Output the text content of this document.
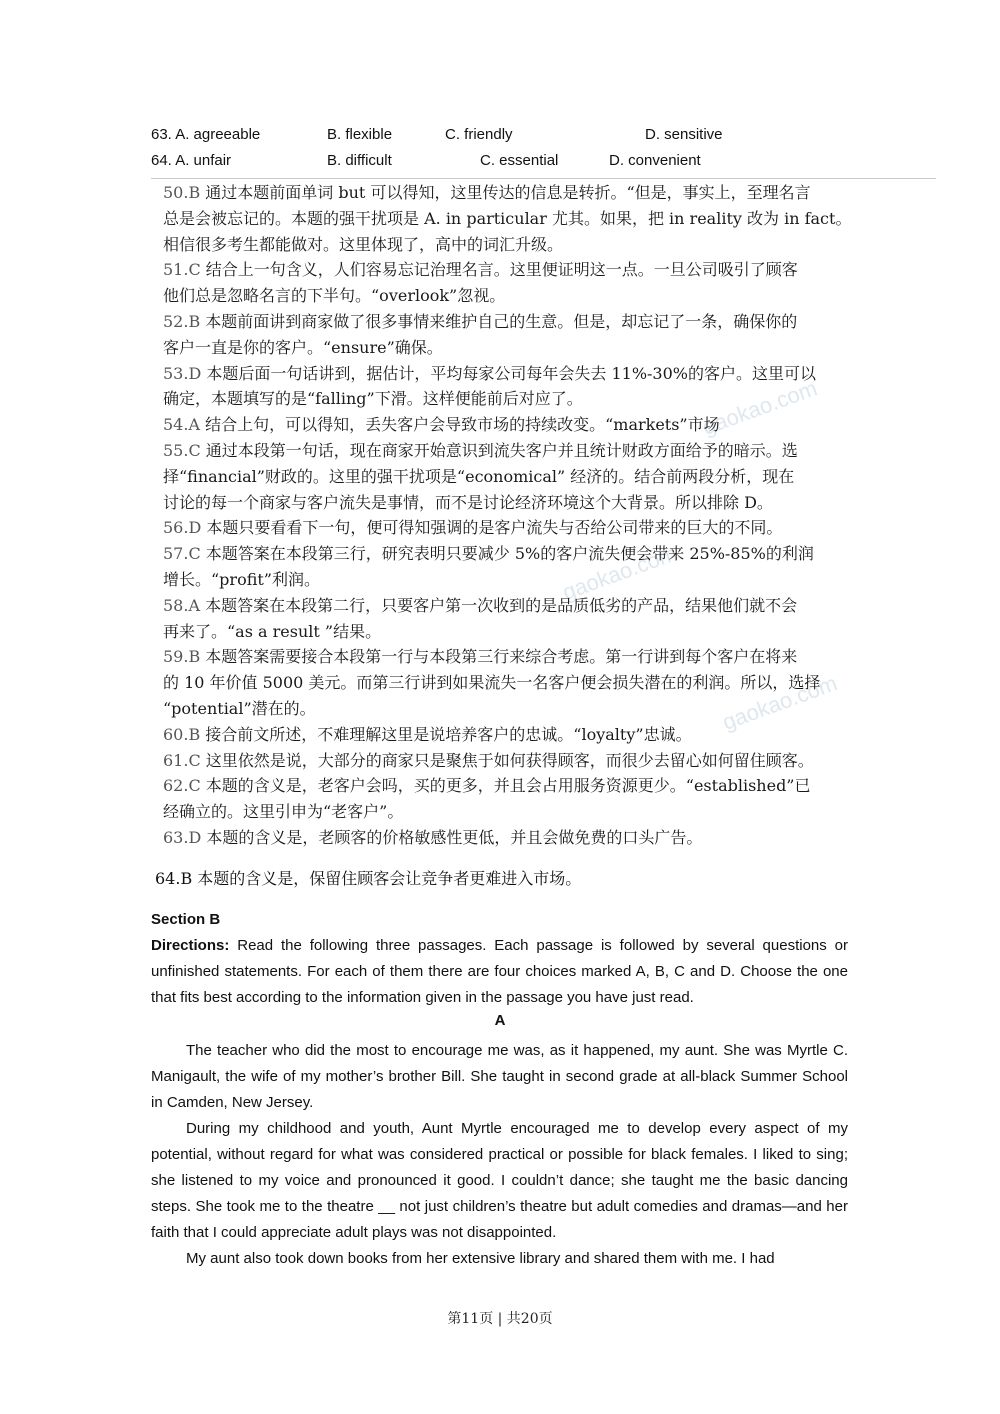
63. A. agreeable	B. flexible	C. friendly	D. sensitive
64. A. unfair	B. difficult	C. essential	D. convenient
gaokao.com
gaokao.com
gaokao.com

50.B 通过本题前面单词 but 可以得知，这里传达的信息是转折。“但是，事实上，至理名言

总是会被忘记的。本题的强干扰项是 A. in particular 尤其。如果，把 in reality 改为 in fact。

相信很多考生都能做对。这里体现了，高中的词汇升级。

51.C 结合上一句含义，人们容易忘记治理名言。这里便证明这一点。一旦公司吸引了顾客

他们总是忽略名言的下半句。“overlook”忽视。

52.B 本题前面讲到商家做了很多事情来维护自己的生意。但是，却忘记了一条，确保你的

客户一直是你的客户。“ensure”确保。

53.D 本题后面一句话讲到，据估计，平均每家公司每年会失去 11%-30%的客户。这里可以

确定，本题填写的是“falling”下滑。这样便能前后对应了。

54.A 结合上句，可以得知，丢失客户会导致市场的持续改变。“markets”市场

55.C 通过本段第一句话，现在商家开始意识到流失客户并且统计财政方面给予的暗示。选

择“financial”财政的。这里的强干扰项是“economical” 经济的。结合前两段分析，现在

讨论的每一个商家与客户流失是事情，而不是讨论经济环境这个大背景。所以排除 D。

56.D 本题只要看看下一句，便可得知强调的是客户流失与否给公司带来的巨大的不同。

57.C 本题答案在本段第三行，研究表明只要减少 5%的客户流失便会带来 25%-85%的利润

增长。“profit”利润。

58.A 本题答案在本段第二行，只要客户第一次收到的是品质低劣的产品，结果他们就不会

再来了。“as a result ”结果。

59.B 本题答案需要接合本段第一行与本段第三行来综合考虑。第一行讲到每个客户在将来

的 10 年价值 5000 美元。而第三行讲到如果流失一名客户便会损失潜在的利润。所以，选择

“potential”潜在的。

60.B 接合前文所述，不难理解这里是说培养客户的忠诚。“loyalty”忠诚。

61.C 这里依然是说，大部分的商家只是聚焦于如何获得顾客，而很少去留心如何留住顾客。

62.C 本题的含义是，老客户会吗，买的更多，并且会占用服务资源更少。“established”已

经确立的。这里引申为“老客户”。

63.D 本题的含义是，老顾客的价格敏感性更低，并且会做免费的口头广告。

64.B 本题的含义是，保留住顾客会让竞争者更难进入市场。
Section B
Directions: Read the following three passages. Each passage is followed by several questions or unfinished statements. For each of them there are four choices marked A, B, C and D. Choose the one that fits best according to the information given in the passage you have just read.
A

The teacher who did the most to encourage me was, as it happened, my aunt. She was Myrtle C. Manigault, the wife of my mother’s brother Bill. She taught in second grade at all-black Summer School in Camden, New Jersey.

During my childhood and youth, Aunt Myrtle encouraged me to develop every aspect of my potential, without regard for what was considered practical or possible for black females. I liked to sing; she listened to my voice and pronounced it good. I couldn’t dance; she taught me the basic dancing steps. She took me to the theatre __ not just children’s theatre but adult comedies and dramas—and her faith that I could appreciate adult plays was not disappointed.

My aunt also took down books from her extensive library and shared them with me. I had

第11页 | 共20页
